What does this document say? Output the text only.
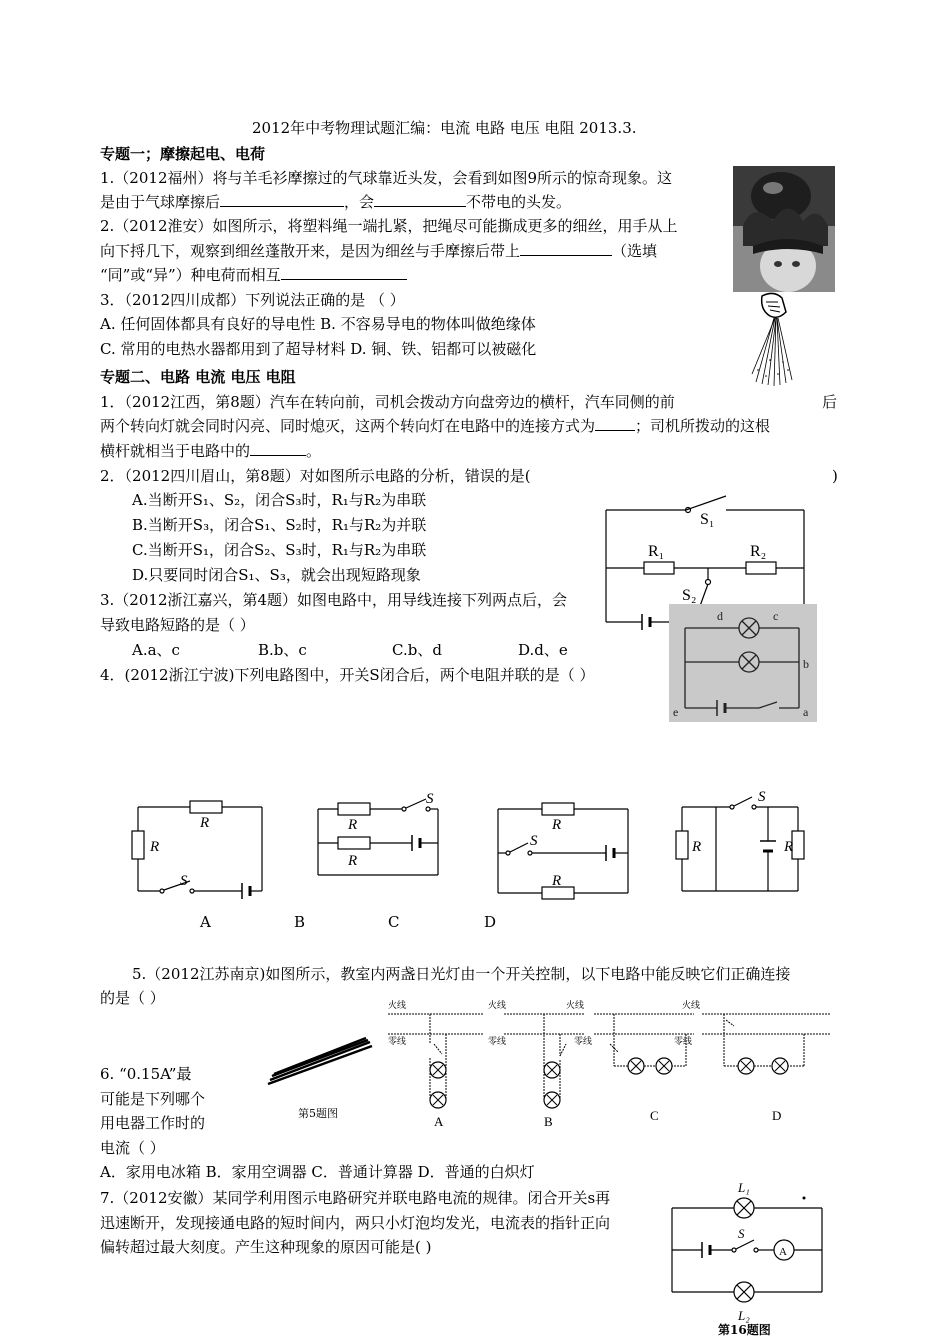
2012年中考物理试题汇编：电流 电路 电压 电阻 2013.3.
专题一；摩擦起电、电荷
1.（2012福州）将与羊毛衫摩擦过的气球靠近头发，会看到如图9所示的惊奇现象。这
是由于气球摩擦后	，会	不带电的头发。
2.（2012淮安）如图所示，将塑料绳一端扎紧，把绳尽可能撕成更多的细丝，用手从上
向下捋几下，观察到细丝蓬散开来，是因为细丝与手摩擦后带上	（选填
“同”或“异”）种电荷而相互
3．（2012四川成都）下列说法正确的是 （ ）
A. 任何固体都具有良好的导电性 B. 不容易导电的物体叫做绝缘体
C. 常用的电热水器都用到了超导材料 D. 铜、铁、铝都可以被磁化
专题二、电路 电流 电压 电阻
1．（2012江西，第8题）汽车在转向前，司机会拨动方向盘旁边的横杆，汽车同侧的前	后
两个转向灯就会同时闪亮、同时熄灭，这两个转向灯在电路中的连接方式为	；司机所拨动的这根
横杆就相当于电路中的	。
2．（2012四川眉山，第8题）对如图所示电路的分析，错误的是(	)
A.当断开S₁、S₂，闭合S₃时，R₁与R₂为串联
B.当断开S₃，闭合S₁、S₂时，R₁与R₂为并联
C.当断开S₁，闭合S₂、S₃时，R₁与R₂为串联
D.只要同时闭合S₁、S₃，就会出现短路现象
S₁
R₁	R₂
S₂
3.（2012浙江嘉兴，第4题）如图电路中，用导线连接下列两点后，会
导致电路短路的是（ ）
A.a、c	B.b、c	C.b、d	D.d、e
d	c
b
a
e
4．(2012浙江宁波)下列电路图中，开关S闭合后，两个电阻并联的是（ ）
R
R
S
R
R
S
R
S
R
R
S
R
A	B	C	D
5.（2012江苏南京)如图所示，教室内两盏日光灯由一个开关控制，以下电路中能反映它们正确连接
的是（ ）
第5题图
火线
零线
火线
零线
火线
零线
火线
零线
A	B	C	D
6. “0.15A”最
可能是下列哪个
用电器工作时的
电流（ ）
A．家用电冰箱 B．家用空调器 C．普通计算器 D．普通的白炽灯
7.（2012安徽）某同学利用图示电路研究并联电路电流的规律。闭合开关s再
迅速断开，发现接通电路的短时间内，两只小灯泡均发光，电流表的指针正向
偏转超过最大刻度。产生这种现象的原因可能是( )
L₁
S
A
L₂
第16题图
